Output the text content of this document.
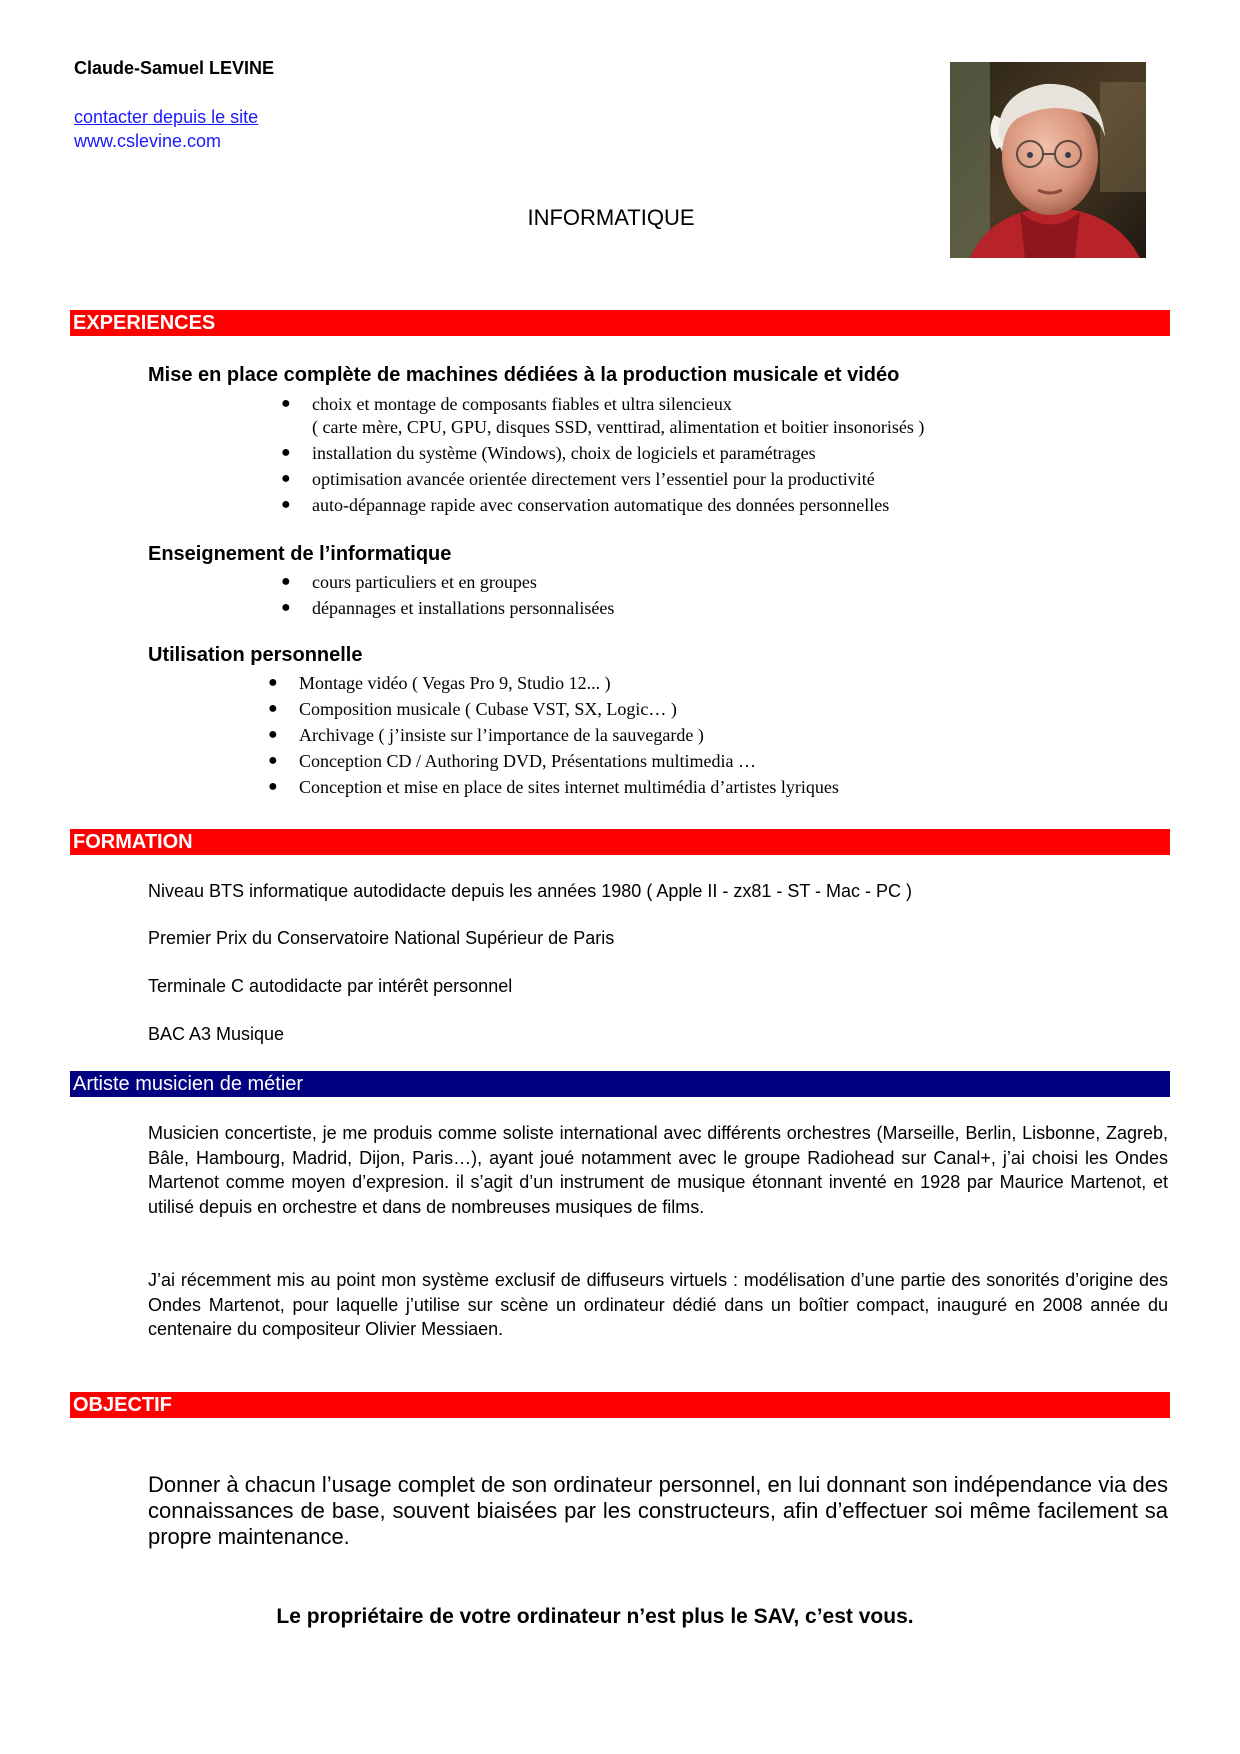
Claude-Samuel LEVINE
contacter depuis le site
www.cslevine.com
INFORMATIQUE
EXPERIENCES
Mise en place complète de machines dédiées à la production musicale et vidéo
● choix et montage de composants fiables et ultra silencieux
( carte mère, CPU, GPU, disques SSD, venttirad, alimentation et boitier insonorisés )
● installation du système (Windows), choix de logiciels et paramétrages
● optimisation avancée orientée directement vers l’essentiel pour la productivité
● auto-dépannage rapide avec conservation automatique des données personnelles
Enseignement de l’informatique
● cours particuliers et en groupes
● dépannages et installations personnalisées
Utilisation personnelle
● Montage vidéo ( Vegas Pro 9, Studio 12... )
● Composition musicale ( Cubase VST, SX, Logic… )
● Archivage ( j’insiste sur l’importance de la sauvegarde )
● Conception CD / Authoring DVD, Présentations multimedia …
● Conception et mise en place de sites internet multimédia d’artistes lyriques
FORMATION
Niveau BTS informatique autodidacte depuis les années 1980 ( Apple II - zx81 - ST - Mac - PC )
Premier Prix du Conservatoire National Supérieur de Paris
Terminale C autodidacte par intérêt personnel
BAC A3 Musique
Artiste musicien de métier
Musicien concertiste, je me produis comme soliste international avec différents orchestres (Marseille, Berlin, Lisbonne, Zagreb, Bâle, Hambourg, Madrid, Dijon, Paris…), ayant joué notamment avec le groupe Radiohead sur Canal+, j’ai choisi les Ondes Martenot comme moyen d’expresion. il s’agit d’un instrument de musique étonnant inventé en 1928 par Maurice Martenot, et utilisé depuis en orchestre et dans de nombreuses musiques de films.
J’ai récemment mis au point mon système exclusif de diffuseurs virtuels : modélisation d’une partie des sonorités d’origine des Ondes Martenot, pour laquelle j’utilise sur scène un ordinateur dédié dans un boîtier compact, inauguré en 2008 année du centenaire du compositeur Olivier Messiaen.
OBJECTIF
Donner à chacun l’usage complet de son ordinateur personnel, en lui donnant son indépendance via des connaissances de base, souvent biaisées par les constructeurs, afin d’effectuer soi même facilement sa propre maintenance.
Le propriétaire de votre ordinateur n’est plus le SAV, c’est vous.
